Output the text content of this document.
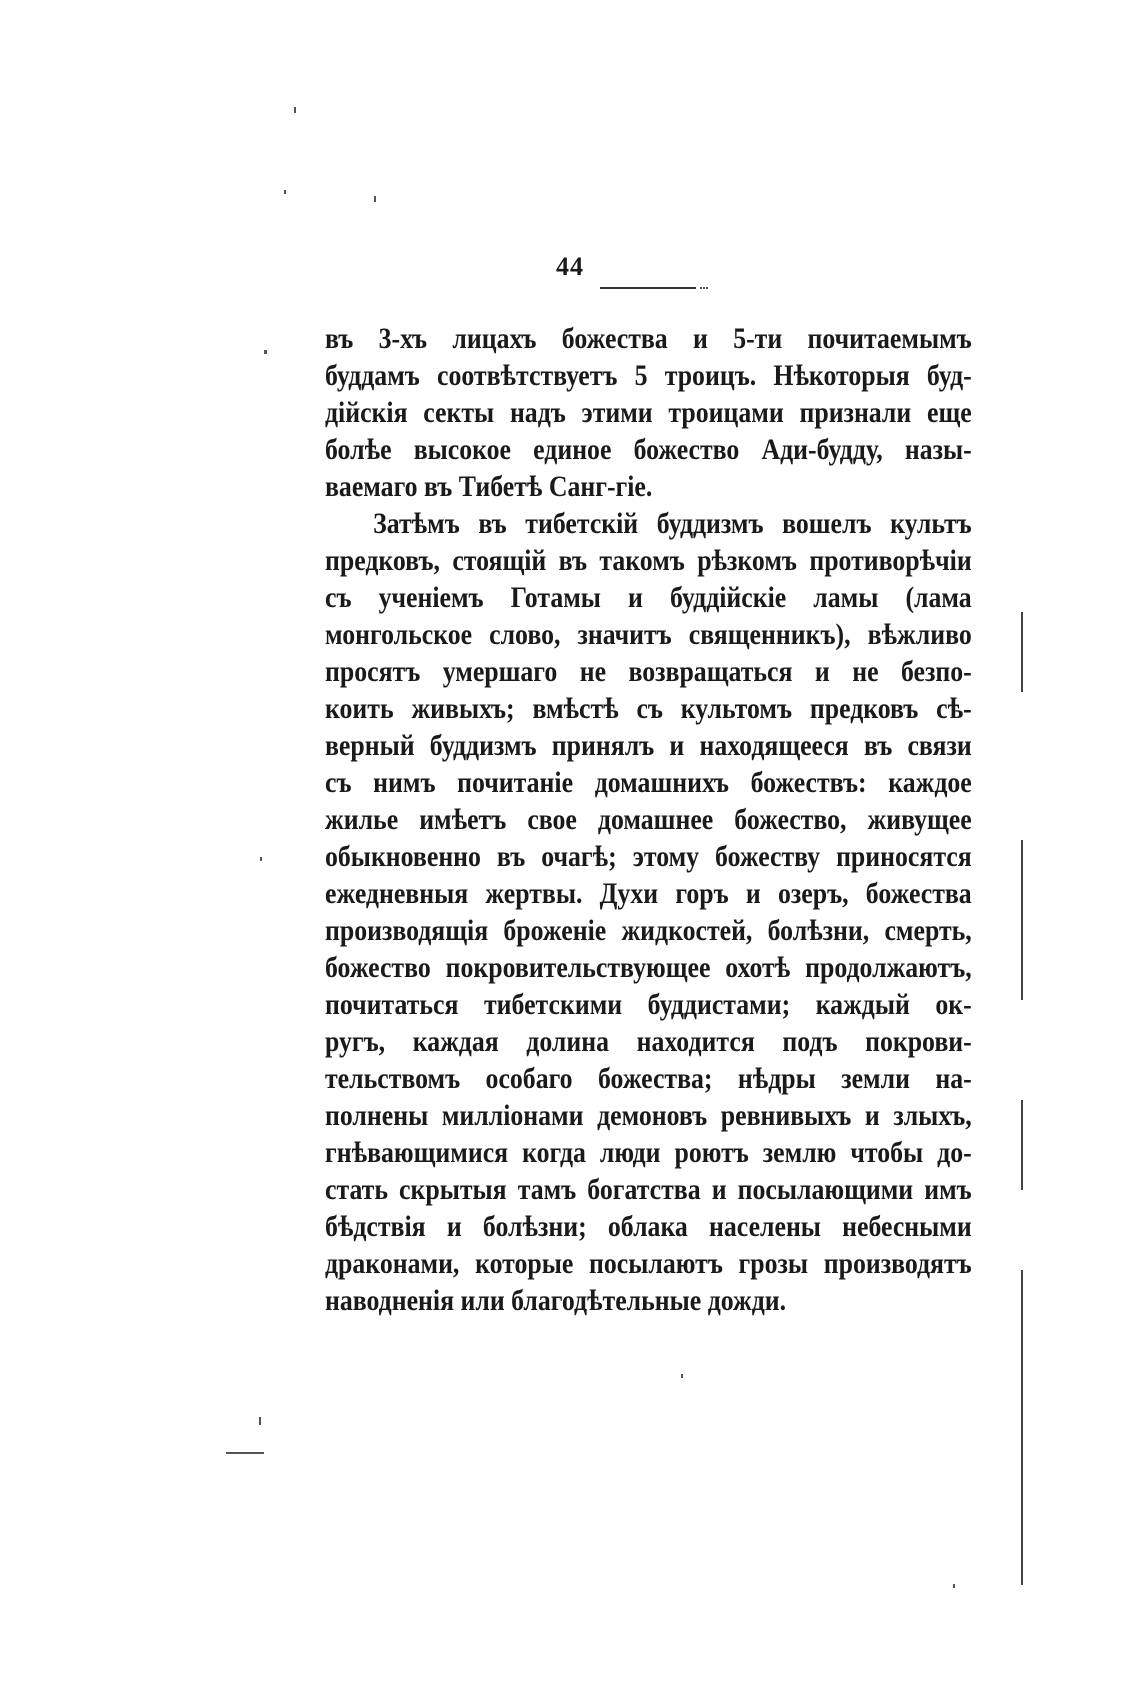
44
въ 3-хъ лицахъ божества и 5-ти почитаемымъ
буддамъ соотвѣтствуетъ 5 троицъ. Нѣкоторыя буд-
дійскія секты надъ этими троицами признали еще
болѣе высокое единое божество Ади-будду, назы-
ваемаго въ Тибетѣ Санг-гіе.
Затѣмъ въ тибетскій буддизмъ вошелъ культъ
предковъ, стоящій въ такомъ рѣзкомъ противорѣчіи
съ ученіемъ Готамы и буддійскіе ламы (лама
монгольское слово, значитъ священникъ), вѣжливо
просятъ умершаго не возвращаться и не безпо-
коить живыхъ; вмѣстѣ съ культомъ предковъ сѣ-
верный буддизмъ принялъ и находящееся въ связи
съ нимъ почитаніе домашнихъ божествъ: каждое
жилье имѣетъ свое домашнее божество, живущее
обыкновенно въ очагѣ; этому божеству приносятся
ежедневныя жертвы. Духи горъ и озеръ, божества
производящія броженіе жидкостей, болѣзни, смерть,
божество покровительствующее охотѣ продолжаютъ,
почитаться тибетскими буддистами; каждый ок-
ругъ, каждая долина находится подъ покрови-
тельствомъ особаго божества; нѣдры земли на-
полнены милліонами демоновъ ревнивыхъ и злыхъ,
гнѣвающимися когда люди роютъ землю чтобы до-
стать скрытыя тамъ богатства и посылающими имъ
бѣдствія и болѣзни; облака населены небесными
драконами, которые посылаютъ грозы производятъ
наводненія или благодѣтельные дожди.
